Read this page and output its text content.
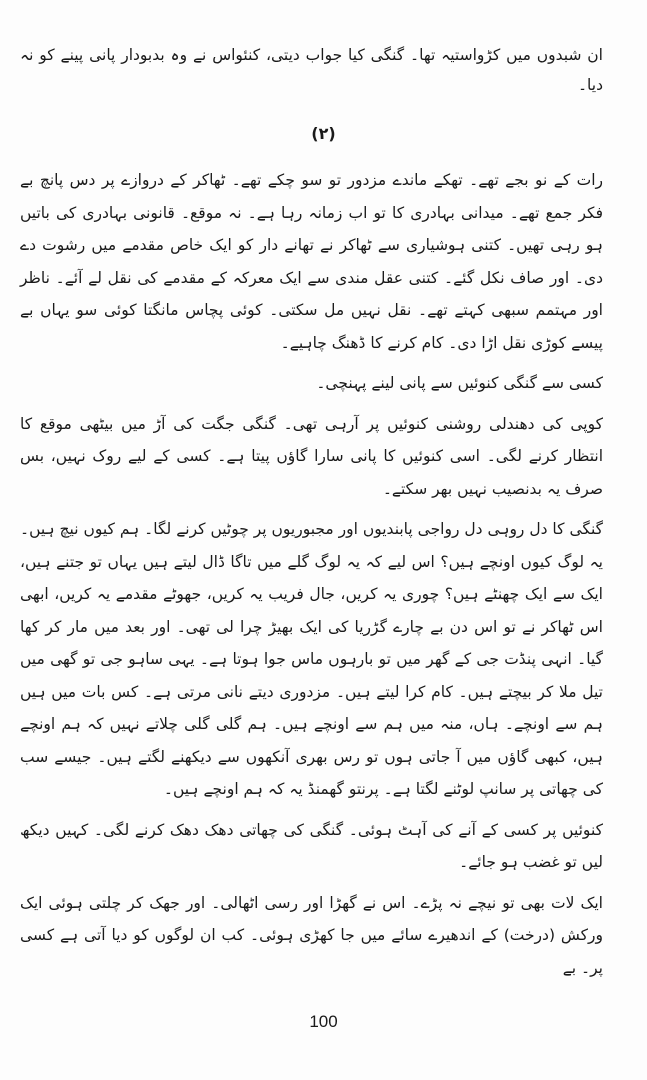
ان شبدوں میں کڑواستیہ تھا۔ گنگی کیا جواب دیتی، کنئواس نے وہ بدبودار پانی پینے کو نہ دیا۔
(۲)

رات کے نو بجے تھے۔ تھکے ماندے مزدور تو سو چکے تھے۔ ٹھاکر کے دروازے پر دس پانچ بے فکر جمع تھے۔ میدانی بہادری کا تو اب زمانہ رہا ہے۔ نہ موقع۔ قانونی بہادری کی باتیں ہو رہی تھیں۔ کتنی ہوشیاری سے ٹھاکر نے تھانے دار کو ایک خاص مقدمے میں رشوت دے دی۔ اور صاف نکل گئے۔ کتنی عقل مندی سے ایک معرکہ کے مقدمے کی نقل لے آئے۔ ناظر اور مہتمم سبھی کہتے تھے۔ نقل نہیں مل سکتی۔ کوئی پچاس مانگتا کوئی سو یہاں بے پیسے کوڑی نقل اڑا دی۔ کام کرنے کا ڈھنگ چاہیے۔

کسی سے گنگی کنوئیں سے پانی لینے پہنچی۔

کوپی کی دھندلی روشنی کنوئیں پر آرہی تھی۔ گنگی جگت کی آڑ میں بیٹھی موقع کا انتظار کرنے لگی۔ اسی کنوئیں کا پانی سارا گاؤں پیتا ہے۔ کسی کے لیے روک نہیں، بس صرف یہ بدنصیب نہیں بھر سکتے۔

گنگی کا دل روہی دل رواجی پابندیوں اور مجبوریوں پر چوٹیں کرنے لگا۔ ہم کیوں نیچ ہیں۔ یہ لوگ کیوں اونچے ہیں؟ اس لیے کہ یہ لوگ گلے میں تاگا ڈال لیتے ہیں یہاں تو جتنے ہیں، ایک سے ایک چھنٹے ہیں؟ چوری یہ کریں، جال فریب یہ کریں، جھوٹے مقدمے یہ کریں، ابھی اس ٹھاکر نے تو اس دن بے چارے گڑریا کی ایک بھیڑ چرا لی تھی۔ اور بعد میں مار کر کھا گیا۔ انہی پنڈت جی کے گھر میں تو بارہوں ماس جوا ہوتا ہے۔ یہی ساہو جی تو گھی میں تیل ملا کر بیچتے ہیں۔ کام کرا لیتے ہیں۔ مزدوری دیتے نانی مرتی ہے۔ کس بات میں ہیں ہم سے اونچے۔ ہاں، منہ میں ہم سے اونچے ہیں۔ ہم گلی گلی چلاتے نہیں کہ ہم اونچے ہیں، کبھی گاؤں میں آ جاتی ہوں تو رس بھری آنکھوں سے دیکھنے لگتے ہیں۔ جیسے سب کی چھاتی پر سانپ لوٹنے لگتا ہے۔ پرنتو گھمنڈ یہ کہ ہم اونچے ہیں۔

کنوئیں پر کسی کے آنے کی آہٹ ہوئی۔ گنگی کی چھاتی دھک دھک کرنے لگی۔ کہیں دیکھ لیں تو غضب ہو جائے۔

ایک لات بھی تو نیچے نہ پڑے۔ اس نے گھڑا اور رسی اٹھالی۔ اور جھک کر چلتی ہوئی ایک ورکش (درخت) کے اندھیرے سائے میں جا کھڑی ہوئی۔ کب ان لوگوں کو دیا آتی ہے کسی پر۔ بے

100
